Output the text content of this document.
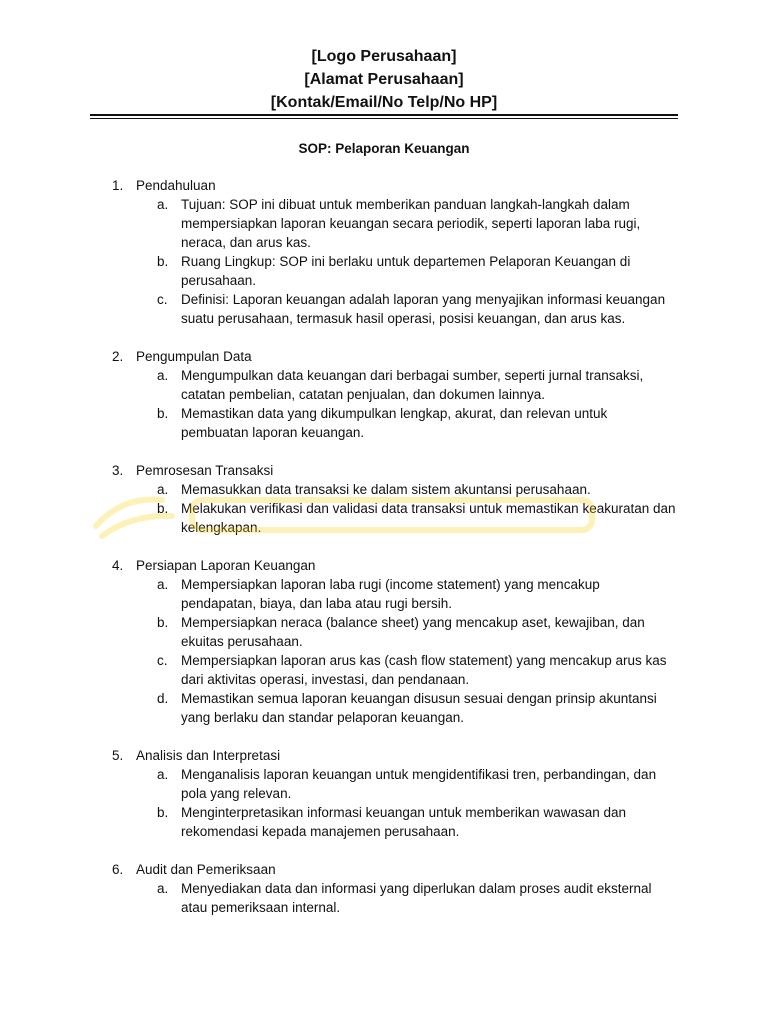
[Logo Perusahaan]
[Alamat Perusahaan]
[Kontak/Email/No Telp/No HP]
SOP: Pelaporan Keuangan
1. Pendahuluan
a. Tujuan: SOP ini dibuat untuk memberikan panduan langkah-langkah dalam mempersiapkan laporan keuangan secara periodik, seperti laporan laba rugi, neraca, dan arus kas.
b. Ruang Lingkup: SOP ini berlaku untuk departemen Pelaporan Keuangan di perusahaan.
c. Definisi: Laporan keuangan adalah laporan yang menyajikan informasi keuangan suatu perusahaan, termasuk hasil operasi, posisi keuangan, dan arus kas.
2. Pengumpulan Data
a. Mengumpulkan data keuangan dari berbagai sumber, seperti jurnal transaksi, catatan pembelian, catatan penjualan, dan dokumen lainnya.
b. Memastikan data yang dikumpulkan lengkap, akurat, dan relevan untuk pembuatan laporan keuangan.
3. Pemrosesan Transaksi
a. Memasukkan data transaksi ke dalam sistem akuntansi perusahaan.
b. Melakukan verifikasi dan validasi data transaksi untuk memastikan keakuratan dan kelengkapan.
4. Persiapan Laporan Keuangan
a. Mempersiapkan laporan laba rugi (income statement) yang mencakup pendapatan, biaya, dan laba atau rugi bersih.
b. Mempersiapkan neraca (balance sheet) yang mencakup aset, kewajiban, dan ekuitas perusahaan.
c. Mempersiapkan laporan arus kas (cash flow statement) yang mencakup arus kas dari aktivitas operasi, investasi, dan pendanaan.
d. Memastikan semua laporan keuangan disusun sesuai dengan prinsip akuntansi yang berlaku dan standar pelaporan keuangan.
5. Analisis dan Interpretasi
a. Menganalisis laporan keuangan untuk mengidentifikasi tren, perbandingan, dan pola yang relevan.
b. Menginterpretasikan informasi keuangan untuk memberikan wawasan dan rekomendasi kepada manajemen perusahaan.
6. Audit dan Pemeriksaan
a. Menyediakan data dan informasi yang diperlukan dalam proses audit eksternal atau pemeriksaan internal.
